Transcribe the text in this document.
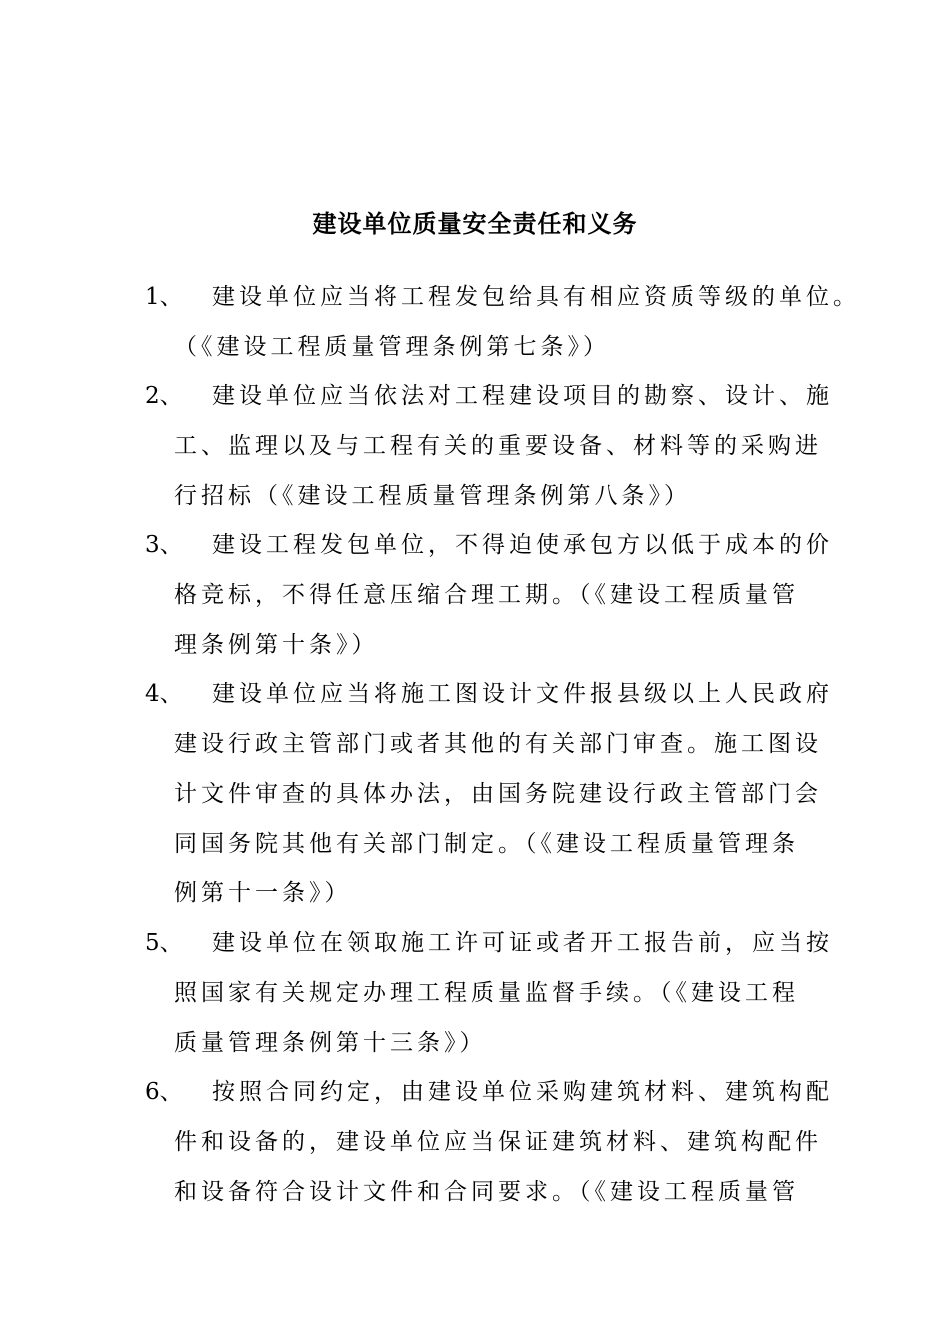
建设单位质量安全责任和义务
1、 建设单位应当将工程发包给具有相应资质等级的单位。
（《建设工程质量管理条例第七条》）
2、 建设单位应当依法对工程建设项目的勘察、设计、施
工、监理以及与工程有关的重要设备、材料等的采购进
行招标（《建设工程质量管理条例第八条》）
3、 建设工程发包单位，不得迫使承包方以低于成本的价
格竞标，不得任意压缩合理工期。（《建设工程质量管
理条例第十条》）
4、 建设单位应当将施工图设计文件报县级以上人民政府
建设行政主管部门或者其他的有关部门审查。施工图设
计文件审查的具体办法，由国务院建设行政主管部门会
同国务院其他有关部门制定。（《建设工程质量管理条
例第十一条》）
5、 建设单位在领取施工许可证或者开工报告前，应当按
照国家有关规定办理工程质量监督手续。（《建设工程
质量管理条例第十三条》）
6、 按照合同约定，由建设单位采购建筑材料、建筑构配
件和设备的，建设单位应当保证建筑材料、建筑构配件
和设备符合设计文件和合同要求。（《建设工程质量管
